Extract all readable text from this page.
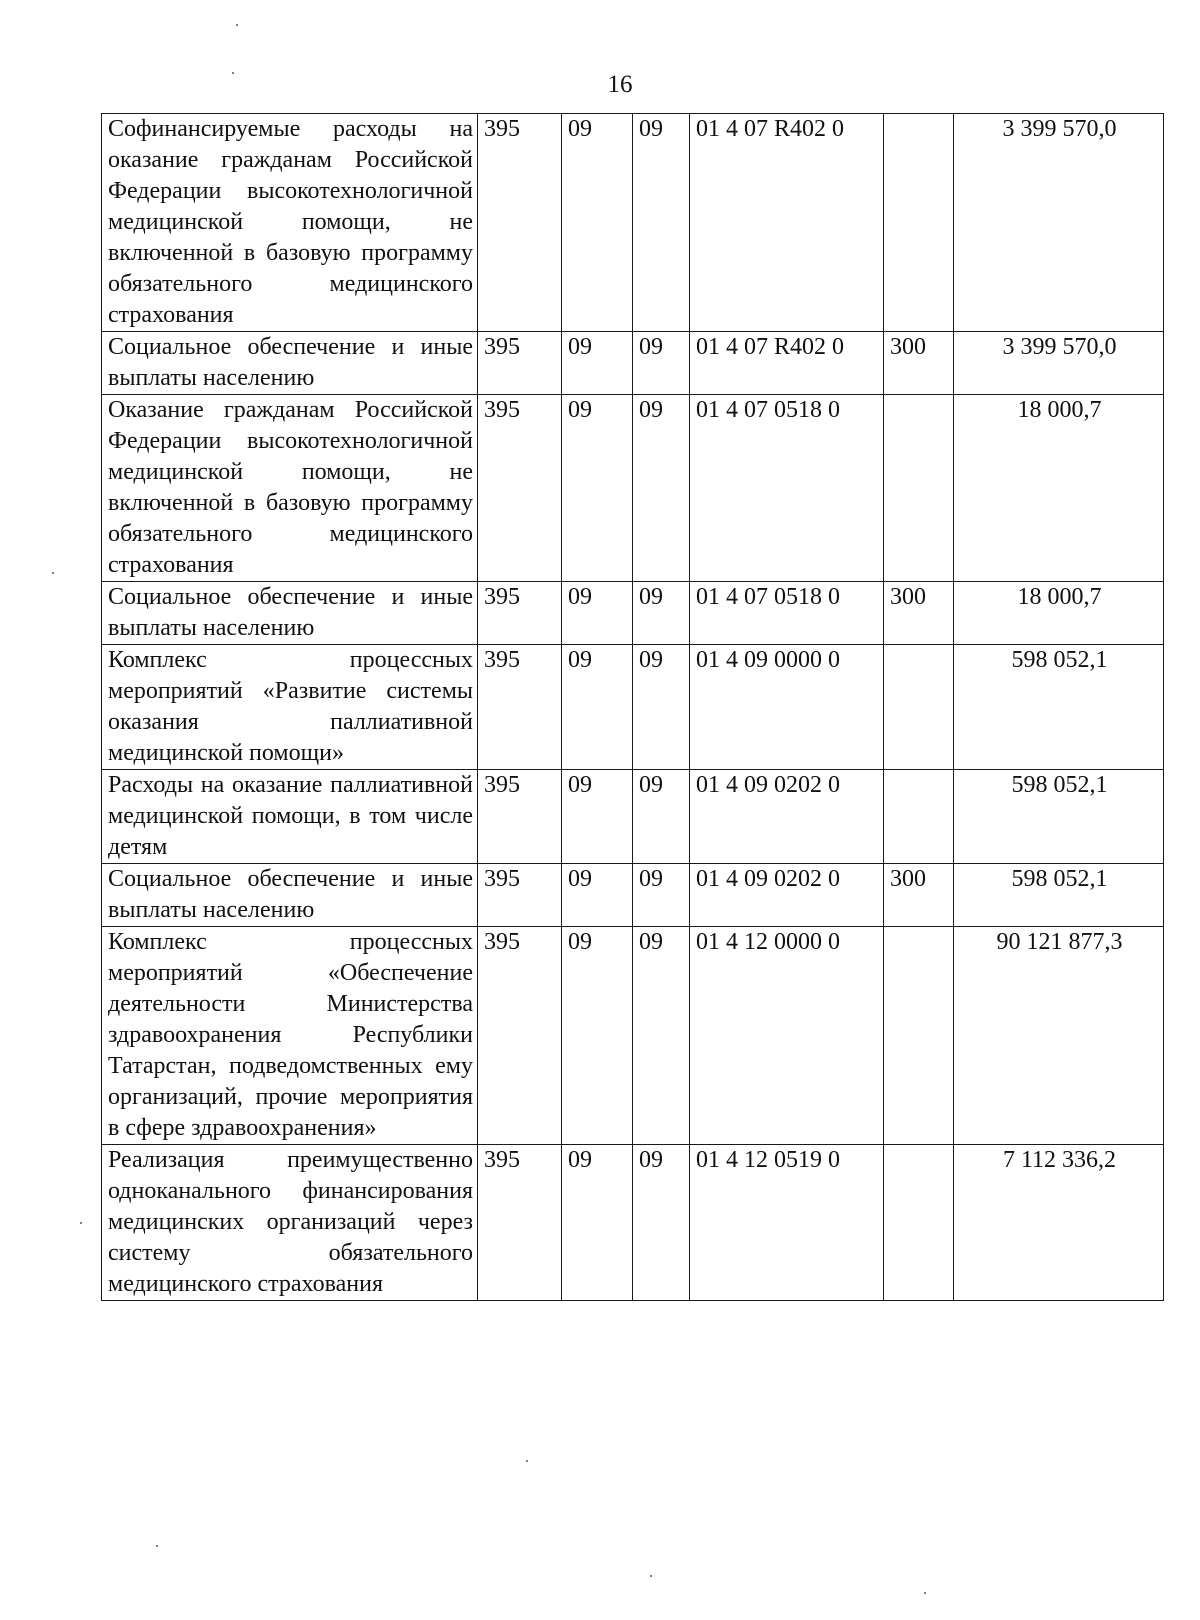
16
Софинансируемые расходы на оказание гражданам Российской Федерации высокотехнологичной медицинской помощи, не включенной в базовую программу обязательного медицинского страхования	395	09	09	01 4 07 R402 0		3 399 570,0
Социальное обеспечение и иные выплаты населению	395	09	09	01 4 07 R402 0	300	3 399 570,0
Оказание гражданам Российской Федерации высокотехнологичной медицинской помощи, не включенной в базовую программу обязательного медицинского страхования	395	09	09	01 4 07 0518 0		18 000,7
Социальное обеспечение и иные выплаты населению	395	09	09	01 4 07 0518 0	300	18 000,7
Комплекс процессных мероприятий «Развитие системы оказания паллиативной медицинской помощи»	395	09	09	01 4 09 0000 0		598 052,1
Расходы на оказание паллиативной медицинской помощи, в том числе детям	395	09	09	01 4 09 0202 0		598 052,1
Социальное обеспечение и иные выплаты населению	395	09	09	01 4 09 0202 0	300	598 052,1
Комплекс процессных мероприятий «Обеспечение деятельности Министерства здравоохранения Республики Татарстан, подведомственных ему организаций, прочие мероприятия в сфере здравоохранения»	395	09	09	01 4 12 0000 0		90 121 877,3
Реализация преимущественно одноканального финансирования медицинских организаций через систему обязательного медицинского страхования	395	09	09	01 4 12 0519 0		7 112 336,2
